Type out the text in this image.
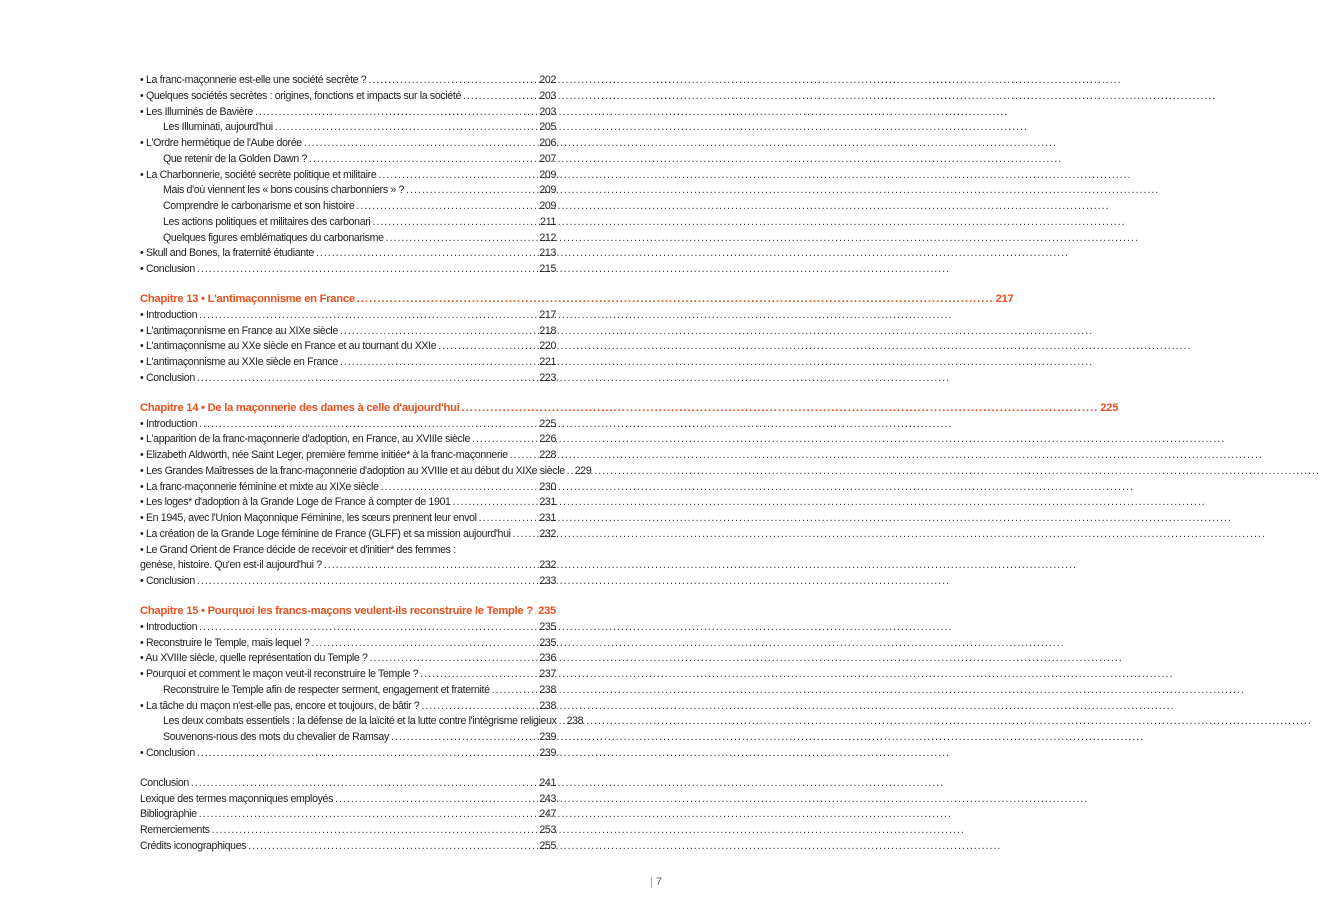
• La franc-maçonnerie est-elle une société secrète ? .....	202
• Quelques sociétés secrètes : origines, fonctions et impacts sur la société .....	203
• Les Illuminés de Bavière .....	203
Les Illuminati, aujourd'hui .....	205
• L'Ordre hermétique de l'Aube dorée .....	206
Que retenir de la Golden Dawn ? .....	207
• La Charbonnerie, société secrète politique et militaire .....	209
Mais d'où viennent les « bons cousins charbonniers » ? .....	209
Comprendre le carbonarisme et son histoire .....	209
Les actions politiques et militaires des carbonari .....	211
Quelques figures emblématiques du carbonarisme .....	212
• Skull and Bones, la fraternité étudiante .....	213
• Conclusion .....	215
Chapitre 13 • L'antimaçonnisme en France .....	217
• Introduction .....	217
• L'antimaçonnisme en France au XIXe siècle .....	218
• L'antimaçonnisme au XXe siècle en France et au tournant du XXIe .....	220
• L'antimaçonnisme au XXIe siècle en France .....	221
• Conclusion .....	223
Chapitre 14 • De la maçonnerie des dames à celle d'aujourd'hui .....	225
• Introduction .....	225
• L'apparition de la franc-maçonnerie d'adoption, en France, au XVIIIe siècle .....	226
• Elizabeth Aldworth, née Saint Leger, première femme initiée* à la franc-maçonnerie .....	228
• Les Grandes Maîtresses de la franc-maçonnerie d'adoption au XVIIIe et au début du XIXe siècle ..... 229
• La franc-maçonnerie féminine et mixte au XIXe siècle .....	230
• Les loges* d'adoption à la Grande Loge de France à compter de 1901 .....	231
• En 1945, avec l'Union Maçonnique Féminine, les sœurs prennent leur envol .....	231
• La création de la Grande Loge féminine de France (GLFF) et sa mission aujourd'hui .....	232
• Le Grand Orient de France décide de recevoir et d'initier* des femmes :
genèse, histoire. Qu'en est-il aujourd'hui ? .....	232
• Conclusion .....	233
Chapitre 15 • Pourquoi les francs-maçons veulent-ils reconstruire le Temple ? ..... 235
• Introduction .....	235
• Reconstruire le Temple, mais lequel ? .....	235
• Au XVIIIe siècle, quelle représentation du Temple ? .....	236
• Pourquoi et comment le maçon veut-il reconstruire le Temple ? .....	237
Reconstruire le Temple afin de respecter serment, engagement et fraternité .....	238
• La tâche du maçon n'est-elle pas, encore et toujours, de bâtir ? .....	238
Les deux combats essentiels : la défense de la laïcité et la lutte contre l'intégrisme religieux ..... 238
Souvenons-nous des mots du chevalier de Ramsay .....	239
• Conclusion .....	239
Conclusion .....	241
Lexique des termes maçonniques employés .....	243
Bibliographie .....	247
Remerciements .....	253
Crédits iconographiques .....	255
| 7
